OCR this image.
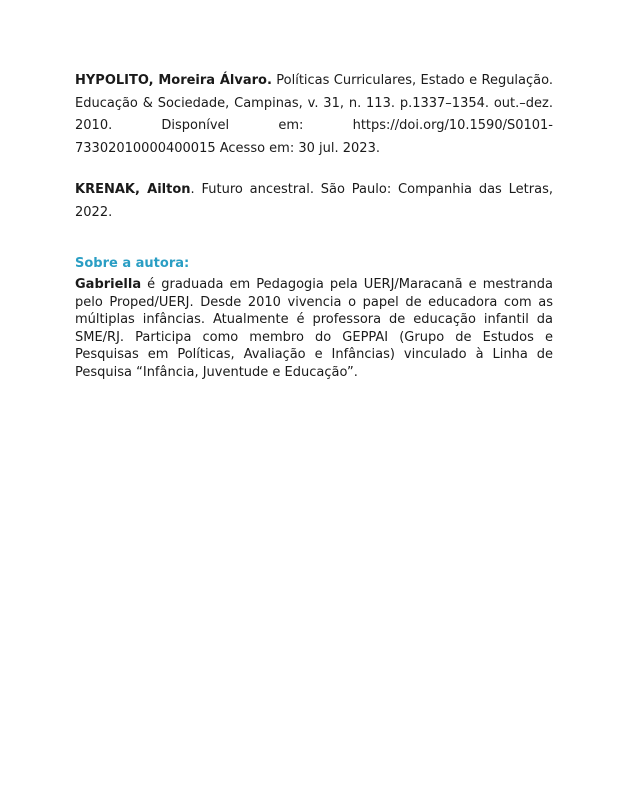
HYPOLITO, Moreira Álvaro. Políticas Curriculares, Estado e Regulação. Educação & Sociedade, Campinas, v. 31, n. 113. p.1337–1354. out.–dez. 2010. Disponível em: https://doi.org/10.1590/S0101-73302010000400015 Acesso em: 30 jul. 2023.

KRENAK, Ailton. Futuro ancestral. São Paulo: Companhia das Letras, 2022.

Sobre a autora:

Gabriella é graduada em Pedagogia pela UERJ/Maracanã e mestranda pelo Proped/UERJ. Desde 2010 vivencia o papel de educadora com as múltiplas infâncias. Atualmente é professora de educação infantil da SME/RJ. Participa como membro do GEPPAI (Grupo de Estudos e Pesquisas em Políticas, Avaliação e Infâncias) vinculado à Linha de Pesquisa “Infância, Juventude e Educação”.
